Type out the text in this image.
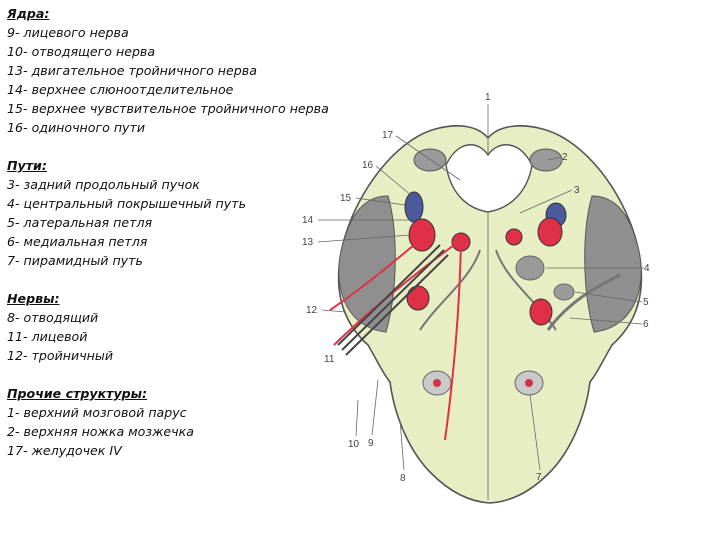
Ядра:
9- лицевого нерва
10- отводящего нерва
13- двигательное тройничного нерва
14- верхнее слюноотделительное
15- верхнее чувствительное тройничного нерва
16- одиночного пути
Пути:
3- задний продольный пучок
4- центральный покрышечный путь
5- латеральная петля
6- медиальная петля
7- пирамидный путь
Нервы:
8- отводящий
11- лицевой
12- тройничный
Прочие структуры:
1- верхний мозговой парус
2- верхняя ножка мозжечка
17- желудочек IV
1
2
3
4
5
6
7
8
9
10
11
12
13
14
15
16
17
